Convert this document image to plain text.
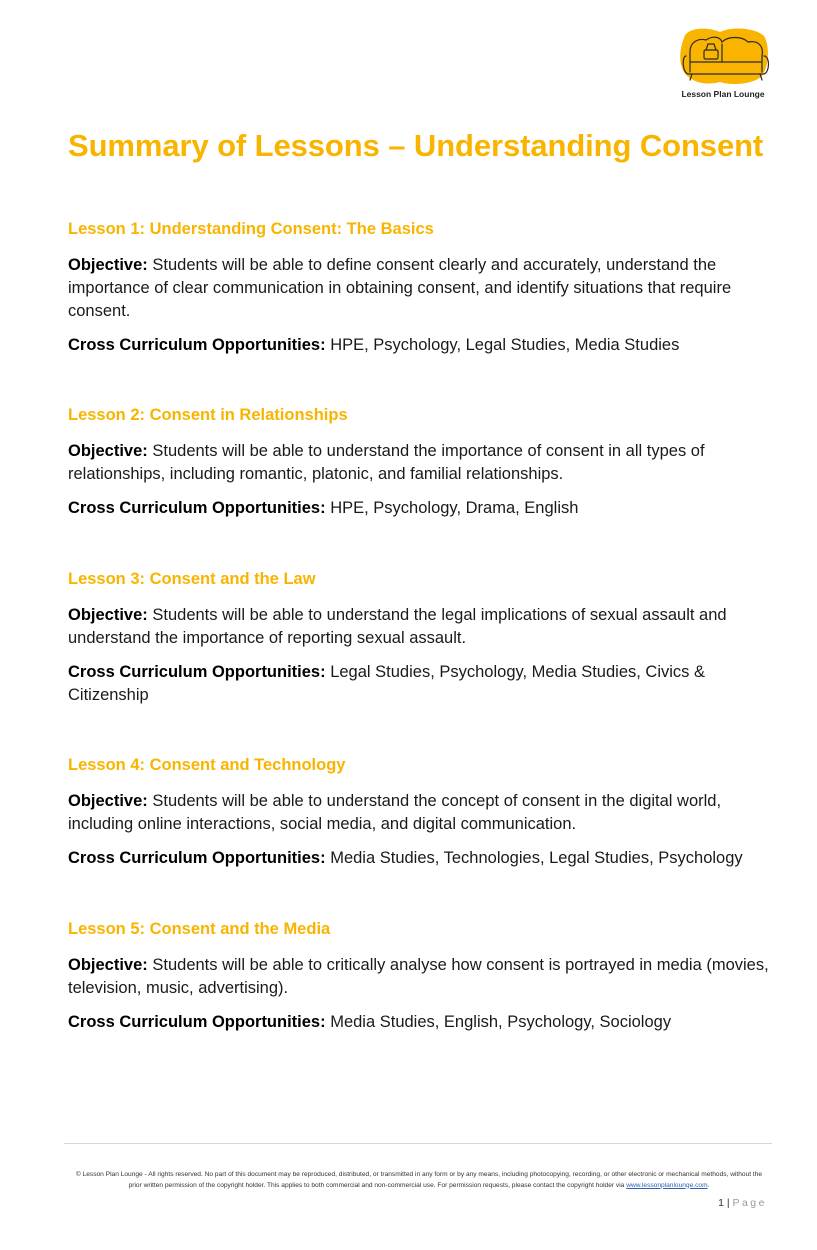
Lesson Plan Lounge
Summary of Lessons – Understanding Consent
Lesson 1: Understanding Consent: The Basics

Objective: Students will be able to define consent clearly and accurately, understand the importance of clear communication in obtaining consent, and identify situations that require consent.

Cross Curriculum Opportunities: HPE, Psychology, Legal Studies, Media Studies

Lesson 2: Consent in Relationships

Objective: Students will be able to understand the importance of consent in all types of relationships, including romantic, platonic, and familial relationships.

Cross Curriculum Opportunities: HPE, Psychology, Drama, English

Lesson 3: Consent and the Law

Objective: Students will be able to understand the legal implications of sexual assault and understand the importance of reporting sexual assault.

Cross Curriculum Opportunities: Legal Studies, Psychology, Media Studies, Civics & Citizenship

Lesson 4: Consent and Technology

Objective: Students will be able to understand the concept of consent in the digital world, including online interactions, social media, and digital communication.

Cross Curriculum Opportunities: Media Studies, Technologies, Legal Studies, Psychology

Lesson 5: Consent and the Media

Objective: Students will be able to critically analyse how consent is portrayed in media (movies, television, music, advertising).

Cross Curriculum Opportunities: Media Studies, English, Psychology, Sociology

© Lesson Plan Lounge - All rights reserved. No part of this document may be reproduced, distributed, or transmitted in any form or by any means, including photocopying, recording, or other electronic or mechanical methods, without the prior written permission of the copyright holder. This applies to both commercial and non-commercial use. For permission requests, please contact the copyright holder via www.lessonplanlounge.com.
1 | Page
